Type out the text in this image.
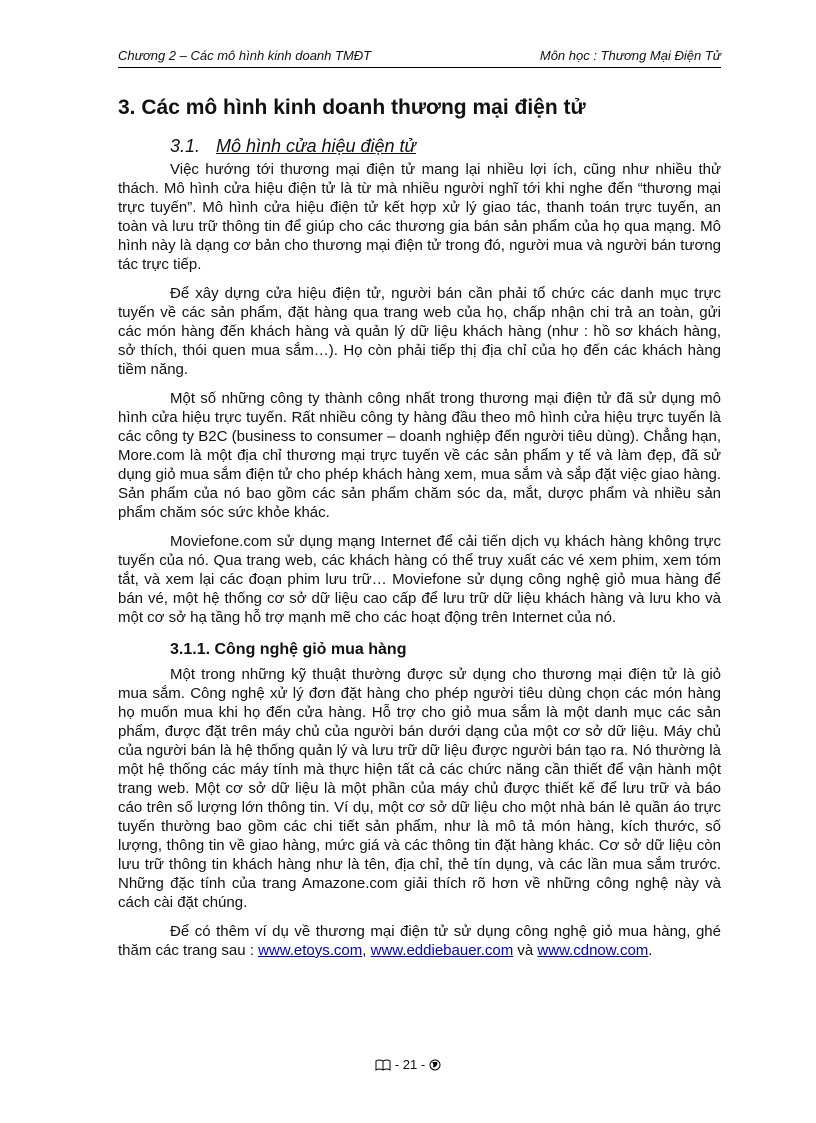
Chương 2 – Các mô hình kinh doanh TMĐT	Môn học : Thương Mại Điện Tử
3. Các mô hình kinh doanh thương mại điện tử
3.1. Mô hình cửa hiệu điện tử

Việc hướng tới thương mại điện tử mang lại nhiều lợi ích, cũng như nhiều thử thách. Mô hình cửa hiệu điện tử là từ mà nhiều người nghĩ tới khi nghe đến “thương mại trực tuyến”. Mô hình cửa hiệu điện tử kết hợp xử lý giao tác, thanh toán trực tuyến, an toàn và lưu trữ thông tin để giúp cho các thương gia bán sản phẩm của họ qua mạng. Mô hình này là dạng cơ bản cho thương mại điện tử trong đó, người mua và người bán tương tác trực tiếp.

Để xây dựng cửa hiệu điện tử, người bán cần phải tổ chức các danh mục trực tuyến về các sản phẩm, đặt hàng qua trang web của họ, chấp nhận chi trả an toàn, gửi các món hàng đến khách hàng và quản lý dữ liệu khách hàng (như : hồ sơ khách hàng, sở thích, thói quen mua sắm…). Họ còn phải tiếp thị địa chỉ của họ đến các khách hàng tiềm năng.

Một số những công ty thành công nhất trong thương mại điện tử đã sử dụng mô hình cửa hiệu trực tuyến. Rất nhiều công ty hàng đầu theo mô hình cửa hiệu trực tuyến là các công ty B2C (business to consumer – doanh nghiệp đến người tiêu dùng). Chẳng hạn, More.com là một địa chỉ thương mại trực tuyến về các sản phẩm y tế và làm đẹp, đã sử dụng giỏ mua sắm điện tử cho phép khách hàng xem, mua sắm và sắp đặt việc giao hàng. Sản phẩm của nó bao gồm các sản phẩm chăm sóc da, mắt, dược phẩm và nhiều sản phẩm chăm sóc sức khỏe khác.

Moviefone.com sử dụng mạng Internet để cải tiến dịch vụ khách hàng không trực tuyến của nó. Qua trang web, các khách hàng có thể truy xuất các vé xem phim, xem tóm tắt, và xem lại các đoạn phim lưu trữ… Moviefone sử dụng công nghệ giỏ mua hàng để bán vé, một hệ thống cơ sở dữ liệu cao cấp để lưu trữ dữ liệu khách hàng và lưu kho và một cơ sở hạ tầng hỗ trợ mạnh mẽ cho các hoạt động trên Internet của nó.

3.1.1. Công nghệ giỏ mua hàng

Một trong những kỹ thuật thường được sử dụng cho thương mại điện tử là giỏ mua sắm. Công nghệ xử lý đơn đặt hàng cho phép người tiêu dùng chọn các món hàng họ muốn mua khi họ đến cửa hàng. Hỗ trợ cho giỏ mua sắm là một danh mục các sản phẩm, được đặt trên máy chủ của người bán dưới dạng của một cơ sở dữ liệu. Máy chủ của người bán là hệ thống quản lý và lưu trữ dữ liệu được người bán tạo ra. Nó thường là một hệ thống các máy tính mà thực hiện tất cả các chức năng cần thiết để vận hành một trang web. Một cơ sở dữ liệu là một phần của máy chủ được thiết kế để lưu trữ và báo cáo trên số lượng lớn thông tin. Ví dụ, một cơ sở dữ liệu cho một nhà bán lẻ quần áo trực tuyến thường bao gồm các chi tiết sản phẩm, như là mô tả món hàng, kích thước, số lượng, thông tin về giao hàng, mức giá và các thông tin đặt hàng khác. Cơ sở dữ liệu còn lưu trữ thông tin khách hàng như là tên, địa chỉ, thẻ tín dụng, và các lần mua sắm trước. Những đặc tính của trang Amazone.com giải thích rõ hơn về những công nghệ này và cách cài đặt chúng.

Để có thêm ví dụ về thương mại điện tử sử dụng công nghệ giỏ mua hàng, ghé thăm các trang sau : www.etoys.com, www.eddiebauer.com và www.cdnow.com.

- 21 -
